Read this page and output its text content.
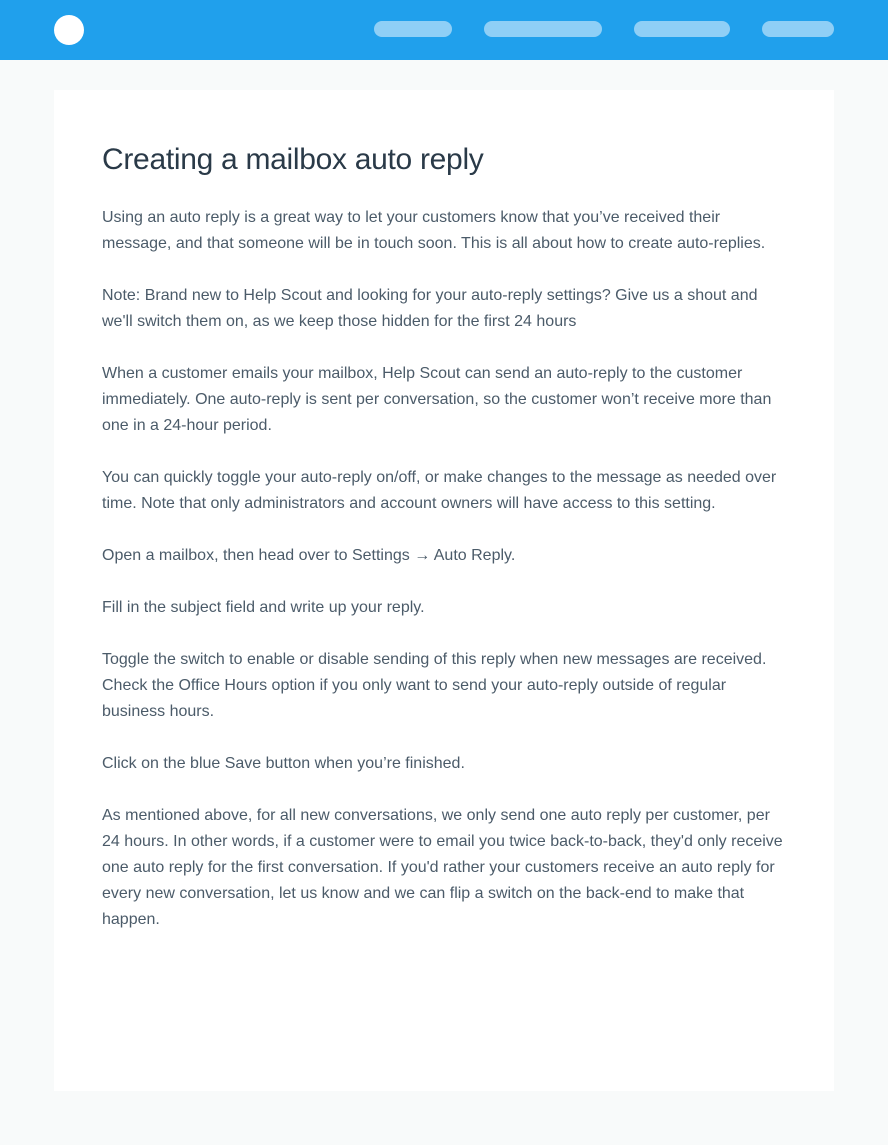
Creating a mailbox auto reply

Using an auto reply is a great way to let your customers know that you’ve received their message, and that someone will be in touch soon. This is all about how to create auto-replies.

Note: Brand new to Help Scout and looking for your auto-reply settings? Give us a shout and we'll switch them on, as we keep those hidden for the first 24 hours

When a customer emails your mailbox, Help Scout can send an auto-reply to the customer immediately. One auto-reply is sent per conversation, so the customer won’t receive more than one in a 24-hour period.

You can quickly toggle your auto-reply on/off, or make changes to the message as needed over time. Note that only administrators and account owners will have access to this setting.

Open a mailbox, then head over to Settings → Auto Reply.

Fill in the subject field and write up your reply.

Toggle the switch to enable or disable sending of this reply when new messages are received. Check the Office Hours option if you only want to send your auto-reply outside of regular business hours.

Click on the blue Save button when you’re finished.

As mentioned above, for all new conversations, we only send one auto reply per customer, per 24 hours. In other words, if a customer were to email you twice back-to-back, they'd only receive one auto reply for the first conversation. If you'd rather your customers receive an auto reply for every new conversation, let us know and we can flip a switch on the back-end to make that happen.
